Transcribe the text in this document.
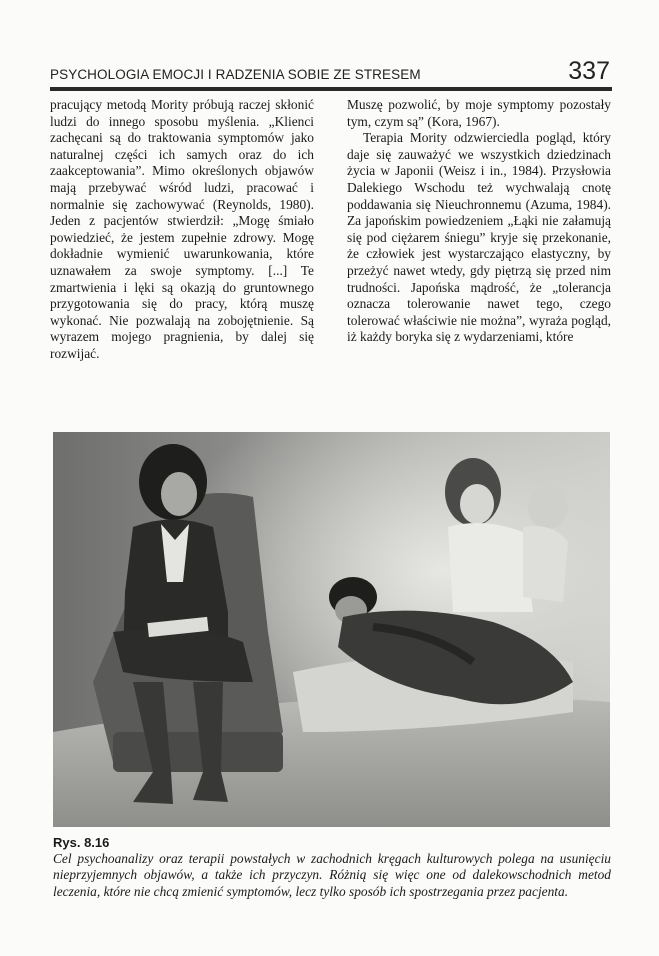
PSYCHOLOGIA EMOCJI I RADZENIA SOBIE ZE STRESEM	337

pracujący metodą Mority próbują raczej skłonić ludzi do innego sposobu myślenia. „Klienci zachęcani są do traktowania symptomów jako naturalnej części ich samych oraz do ich zaakceptowania”. Mimo określonych objawów mają przebywać wśród ludzi, pracować i normalnie się zachowywać (Reynolds, 1980). Jeden z pacjentów stwierdził: „Mogę śmiało powiedzieć, że jestem zupełnie zdrowy. Mogę dokładnie wymienić uwarunkowania, które uznawałem za swoje symptomy. [...] Te zmartwienia i lęki są okazją do gruntownego przygotowania się do pracy, którą muszę wykonać. Nie pozwalają na zobojętnienie. Są wyrazem mojego pragnienia, by dalej się rozwijać.

Muszę pozwolić, by moje symptomy pozostały tym, czym są” (Kora, 1967).

Terapia Mority odzwierciedla pogląd, który daje się zauważyć we wszystkich dziedzinach życia w Japonii (Weisz i in., 1984). Przysłowia Dalekiego Wschodu też wychwalają cnotę poddawania się Nieuchronnemu (Azuma, 1984). Za japońskim powiedzeniem „Łąki nie załamują się pod ciężarem śniegu” kryje się przekonanie, że człowiek jest wystarczająco elastyczny, by przeżyć nawet wtedy, gdy piętrzą się przed nim trudności. Japońska mądrość, że „tolerancja oznacza tolerowanie nawet tego, czego tolerować właściwie nie można”, wyraża pogląd, iż każdy boryka się z wydarzeniami, które

Rys. 8.16
Cel psychoanalizy oraz terapii powstałych w zachodnich kręgach kulturowych polega na usunięciu nieprzyjemnych objawów, a także ich przyczyn. Różnią się więc one od dalekowschodnich metod leczenia, które nie chcą zmienić symptomów, lecz tylko sposób ich spostrzegania przez pacjenta.
